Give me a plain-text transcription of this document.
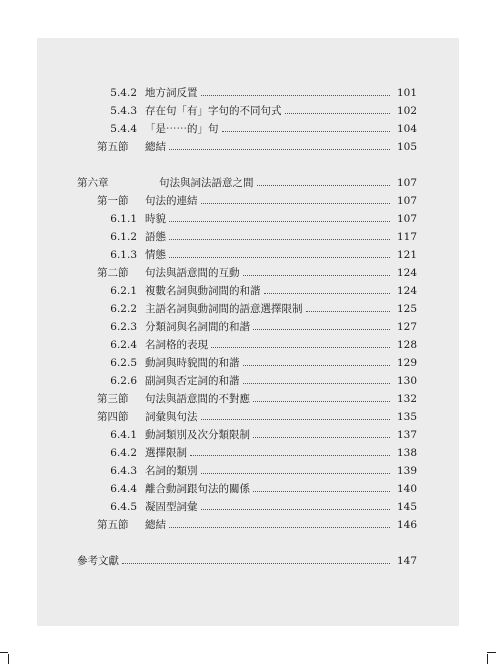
5.4.2 地方詞反置	101
5.4.3 存在句「有」字句的不同句式	102
5.4.4 「是⋯⋯的」句	104
第五節	總結	105
第六章	句法與詞法語意之間	107
第一節	句法的連結	107
6.1.1 時貌	107
6.1.2 語態	117
6.1.3 情態	121
第二節	句法與語意間的互動	124
6.2.1 複數名詞與動詞間的和諧	124
6.2.2 主語名詞與動詞間的語意選擇限制	125
6.2.3 分類詞與名詞間的和諧	127
6.2.4 名詞格的表現	128
6.2.5 動詞與時貌間的和諧	129
6.2.6 副詞與否定詞的和諧	130
第三節	句法與語意間的不對應	132
第四節	詞彙與句法	135
6.4.1 動詞類別及次分類限制	137
6.4.2 選擇限制	138
6.4.3 名詞的類別	139
6.4.4 離合動詞跟句法的關係	140
6.4.5 凝固型詞彙	145
第五節	總結	146
參考文獻	147
